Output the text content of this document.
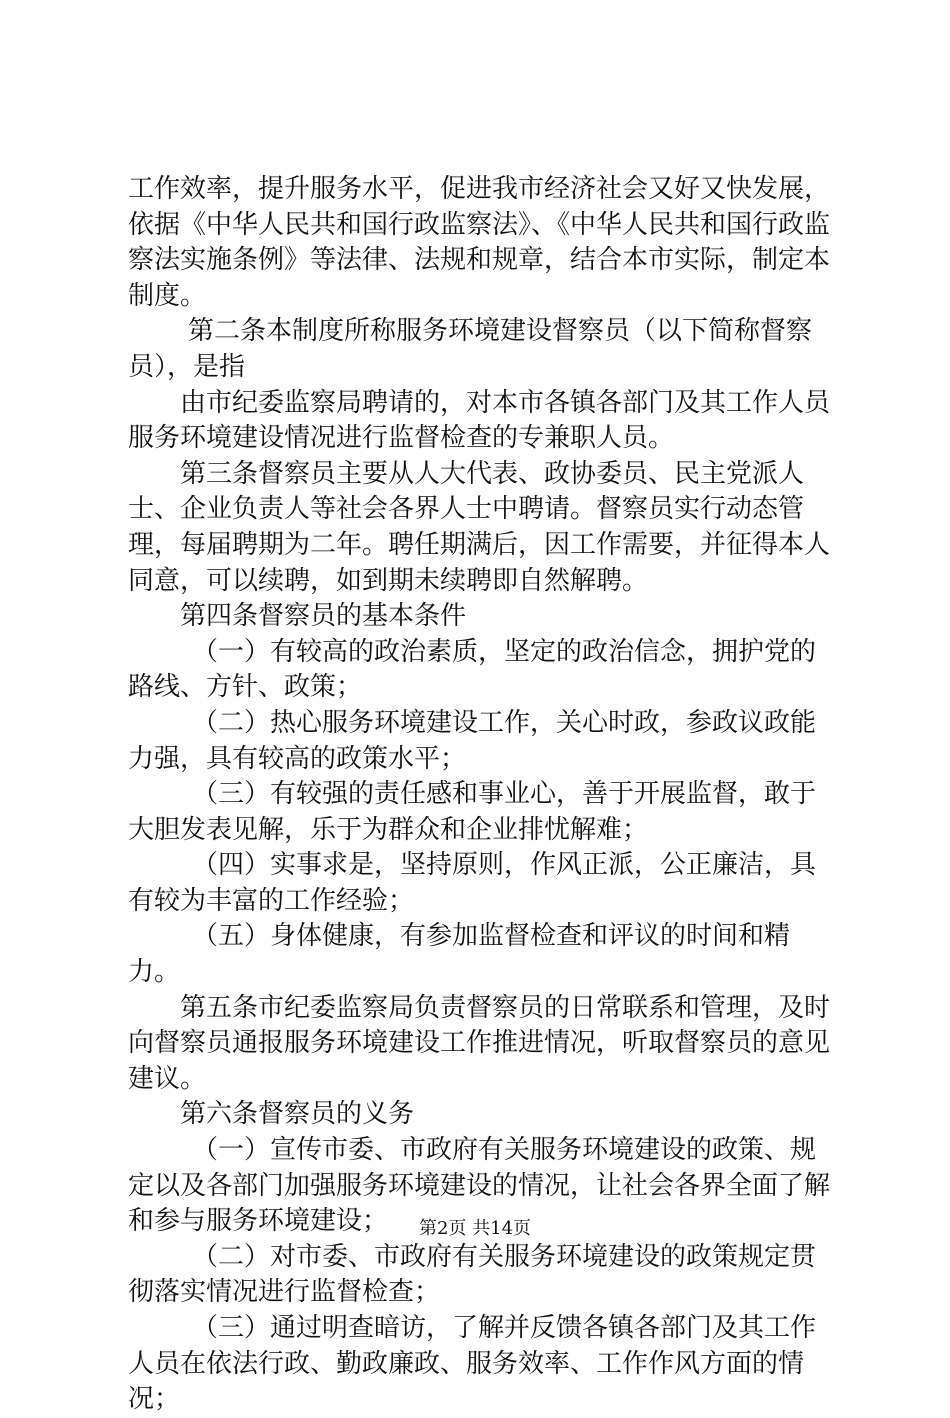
工作效率，提升服务水平，促进我市经济社会又好又快发展，依据《中华人民共和国行政监察法》、《中华人民共和国行政监察法实施条例》等法律、法规和规章，结合本市实际，制定本制度。

第二条本制度所称服务环境建设督察员（以下简称督察员），是指

由市纪委监察局聘请的，对本市各镇各部门及其工作人员服务环境建设情况进行监督检查的专兼职人员。

第三条督察员主要从人大代表、政协委员、民主党派人士、企业负责人等社会各界人士中聘请。督察员实行动态管理，每届聘期为二年。聘任期满后，因工作需要，并征得本人同意，可以续聘，如到期未续聘即自然解聘。

第四条督察员的基本条件

（一）有较高的政治素质，坚定的政治信念，拥护党的路线、方针、政策；

（二）热心服务环境建设工作，关心时政，参政议政能力强，具有较高的政策水平；

（三）有较强的责任感和事业心，善于开展监督，敢于大胆发表见解，乐于为群众和企业排忧解难；

（四）实事求是，坚持原则，作风正派，公正廉洁，具有较为丰富的工作经验；

（五）身体健康，有参加监督检查和评议的时间和精力。

第五条市纪委监察局负责督察员的日常联系和管理，及时向督察员通报服务环境建设工作推进情况，听取督察员的意见建议。

第六条督察员的义务

（一）宣传市委、市政府有关服务环境建设的政策、规定以及各部门加强服务环境建设的情况，让社会各界全面了解和参与服务环境建设；

（二）对市委、市政府有关服务环境建设的政策规定贯彻落实情况进行监督检查；

（三）通过明查暗访，了解并反馈各镇各部门及其工作人员在依法行政、勤政廉政、服务效率、工作作风方面的情况；

第2页 共14页
